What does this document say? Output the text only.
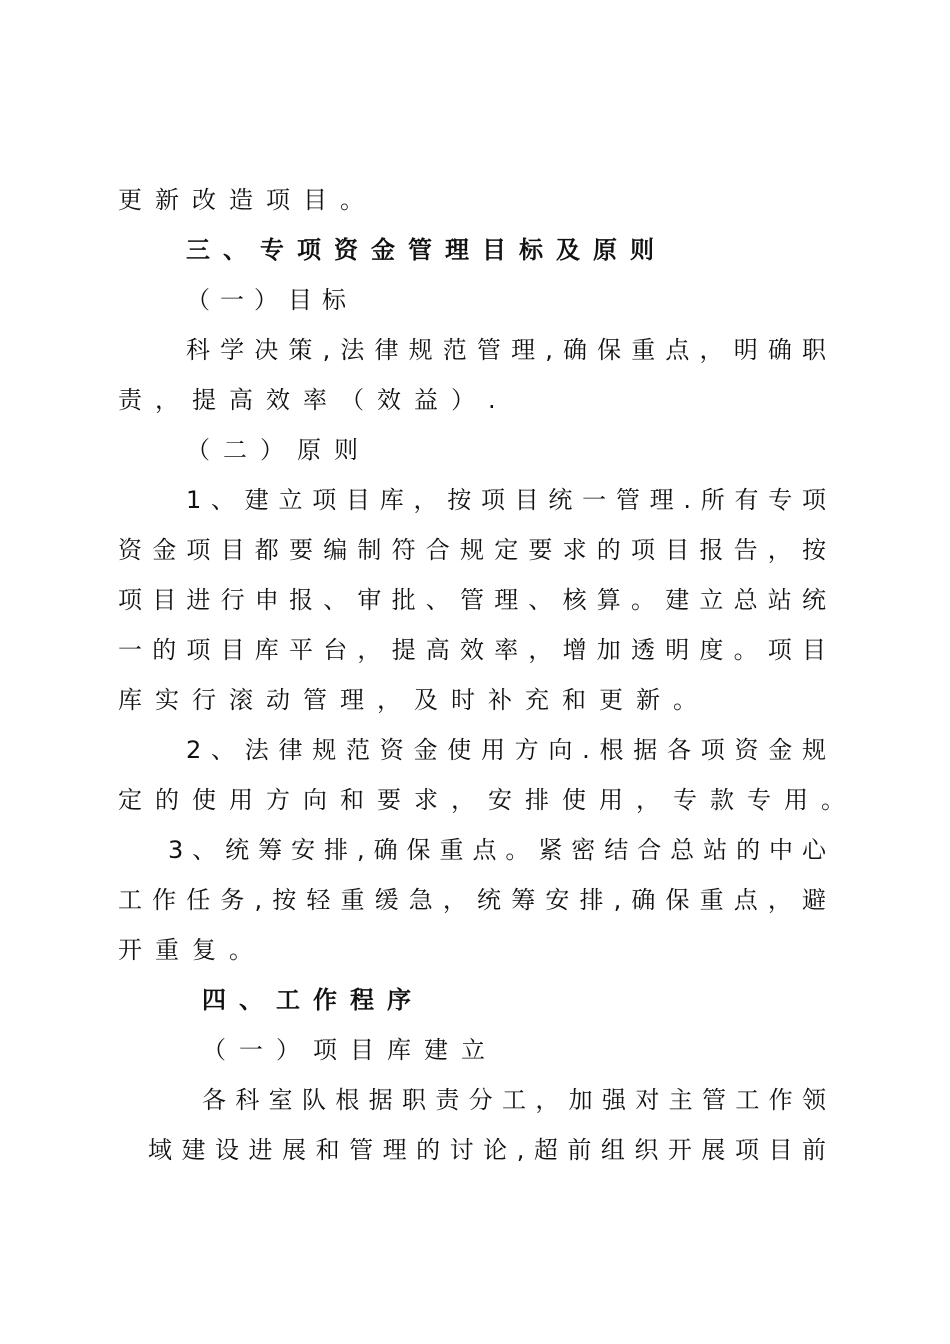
更新改造项目。
三、专项资金管理目标及原则
（一）目标
科学决策,法律规范管理,确保重点，明确职
责，提高效率（效益）.
（二）原则
1、建立项目库，按项目统一管理.所有专项
资金项目都要编制符合规定要求的项目报告，按
项目进行申报、审批、管理、核算。建立总站统
一的项目库平台，提高效率，增加透明度。项目
库实行滚动管理，及时补充和更新。
2、法律规范资金使用方向.根据各项资金规
定的使用方向和要求，安排使用，专款专用。
3、统筹安排,确保重点。紧密结合总站的中心
工作任务,按轻重缓急，统筹安排,确保重点，避
开重复。
四、工作程序
（一）项目库建立
各科室队根据职责分工，加强对主管工作领
域建设进展和管理的讨论,超前组织开展项目前
